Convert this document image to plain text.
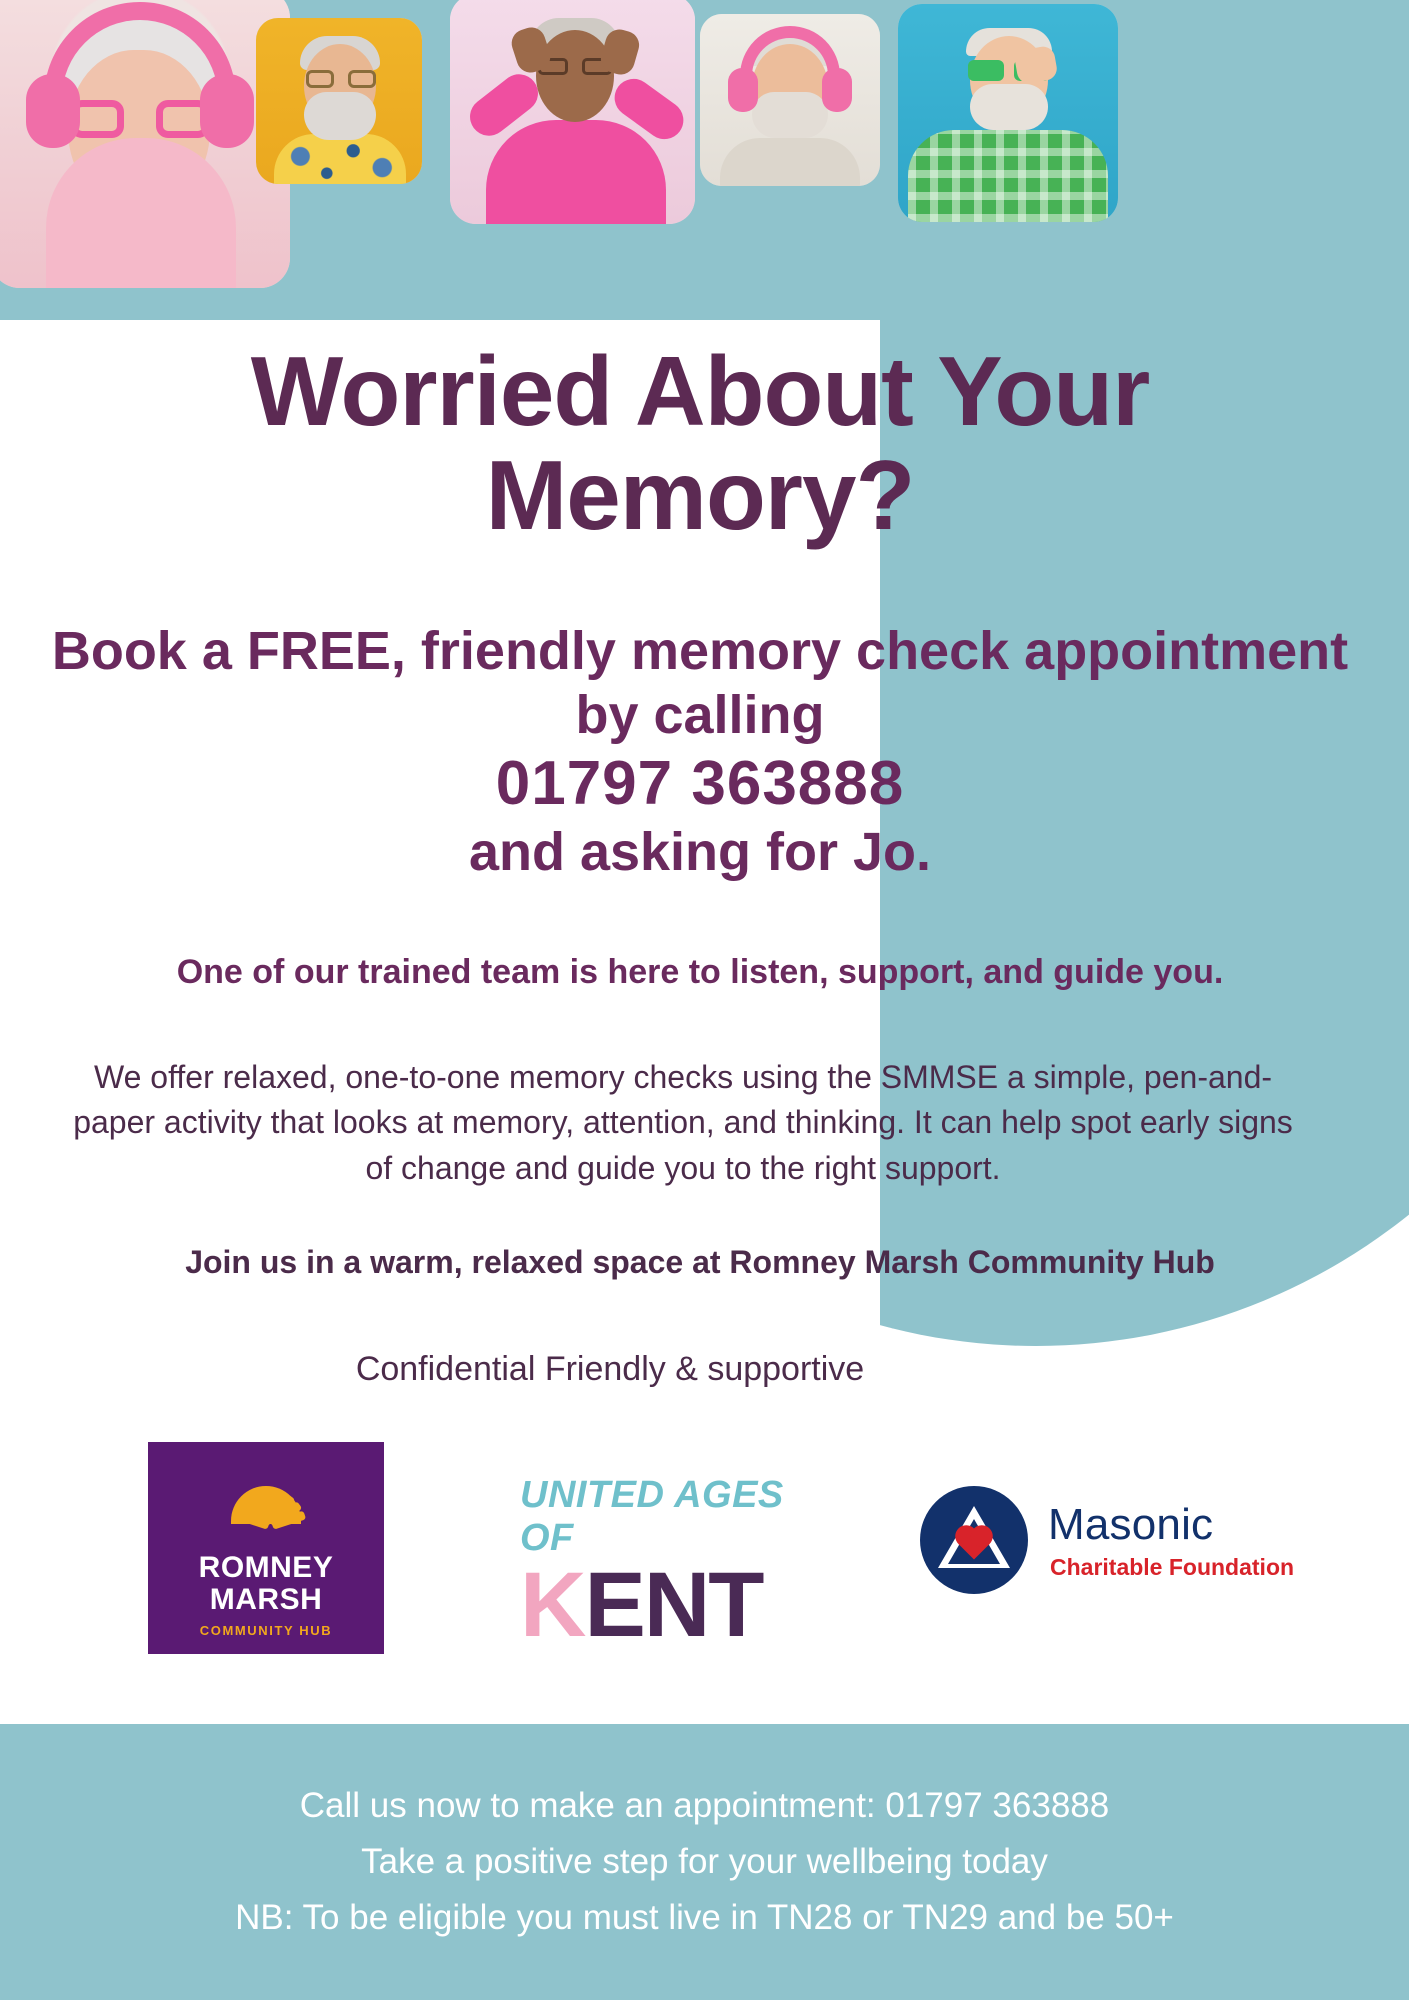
Worried About Your Memory?
Book a FREE, friendly memory check appointment by calling
01797 363888
and asking for Jo.
One of our trained team is here to listen, support, and guide you.
We offer relaxed, one-to-one memory checks using the SMMSE a simple, pen-and-paper activity that looks at memory, attention, and thinking. It can help spot early signs of change and guide you to the right support.
Join us in a warm, relaxed space at Romney Marsh Community Hub
Confidential Friendly & supportive
ROMNEY
MARSH
COMMUNITY HUB
UNITED AGES OF
KENT
Masonic
Charitable Foundation
Call us now to make an appointment: 01797 363888
Take a positive step for your wellbeing today
NB: To be eligible you must live in TN28 or TN29 and be 50+
